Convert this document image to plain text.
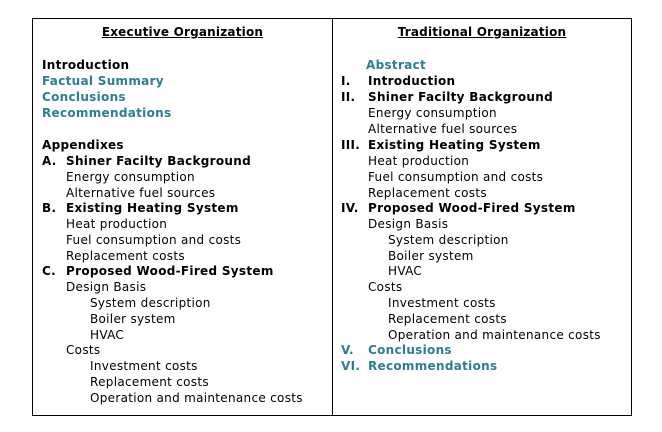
Executive Organization
Introduction
Factual Summary
Conclusions
Recommendations
Appendixes
A. Shiner Facilty Background
Energy consumption
Alternative fuel sources
B. Existing Heating System
Heat production
Fuel consumption and costs
Replacement costs
C. Proposed Wood-Fired System
Design Basis
System description
Boiler system
HVAC
Costs
Investment costs
Replacement costs
Operation and maintenance costs
Traditional Organization
Abstract
I. Introduction
II. Shiner Facilty Background
Energy consumption
Alternative fuel sources
III. Existing Heating System
Heat production
Fuel consumption and costs
Replacement costs
IV. Proposed Wood-Fired System
Design Basis
System description
Boiler system
HVAC
Costs
Investment costs
Replacement costs
Operation and maintenance costs
V. Conclusions
VI. Recommendations
